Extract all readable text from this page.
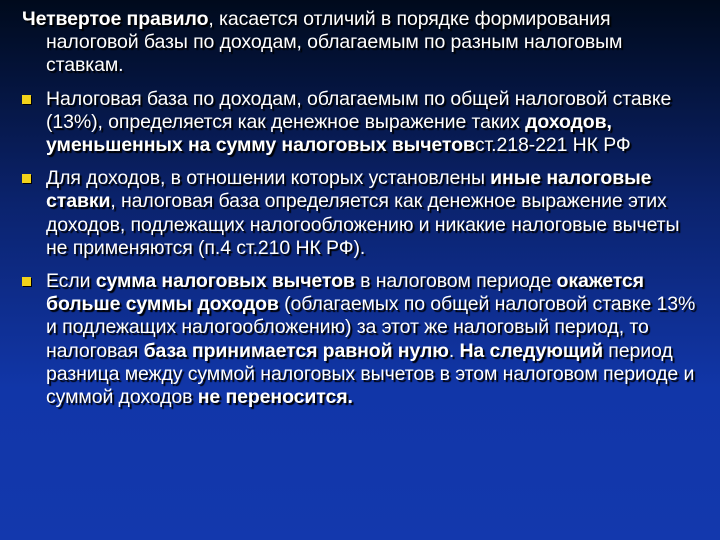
Четвертое правило, касается отличий в порядке формирования налоговой базы по доходам, облагаемым по разным налоговым ставкам.

Налоговая база по доходам, облагаемым по общей налоговой ставке (13%), определяется как денежное выражение таких доходов, уменьшенных на сумму налоговых вычетовст.218-221 НК РФ
Для доходов, в отношении которых установлены иные налоговые ставки, налоговая база определяется как денежное выражение этих доходов, подлежащих налогообложению и никакие налоговые вычеты не применяются (п.4 ст.210 НК РФ).
Если сумма налоговых вычетов в налоговом периоде окажется больше суммы доходов (облагаемых по общей налоговой ставке 13% и подлежащих налогообложению) за этот же налоговый период, то налоговая база принимается равной нулю. На следующий период разница между суммой налоговых вычетов в этом налоговом периоде и суммой доходов не переносится.
